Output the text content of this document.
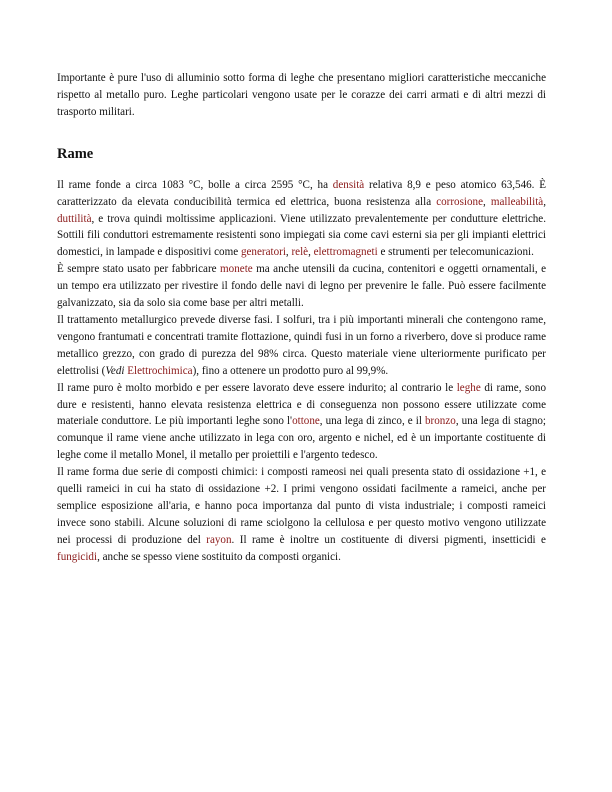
Importante è pure l'uso di alluminio sotto forma di leghe che presentano migliori caratteristiche meccaniche rispetto al metallo puro. Leghe particolari vengono usate per le corazze dei carri armati e di altri mezzi di trasporto militari.

Rame

Il rame fonde a circa 1083 °C, bolle a circa 2595 °C, ha densità relativa 8,9 e peso atomico 63,546. È caratterizzato da elevata conducibilità termica ed elettrica, buona resistenza alla corrosione, malleabilità, duttilità, e trova quindi moltissime applicazioni. Viene utilizzato prevalentemente per condutture elettriche. Sottili fili conduttori estremamente resistenti sono impiegati sia come cavi esterni sia per gli impianti elettrici domestici, in lampade e dispositivi come generatori, relè, elettromagneti e strumenti per telecomunicazioni.

È sempre stato usato per fabbricare monete ma anche utensili da cucina, contenitori e oggetti ornamentali, e un tempo era utilizzato per rivestire il fondo delle navi di legno per prevenire le falle. Può essere facilmente galvanizzato, sia da solo sia come base per altri metalli.

Il trattamento metallurgico prevede diverse fasi. I solfuri, tra i più importanti minerali che contengono rame, vengono frantumati e concentrati tramite flottazione, quindi fusi in un forno a riverbero, dove si produce rame metallico grezzo, con grado di purezza del 98% circa. Questo materiale viene ulteriormente purificato per elettrolisi (Vedi Elettrochimica), fino a ottenere un prodotto puro al 99,9%.

Il rame puro è molto morbido e per essere lavorato deve essere indurito; al contrario le leghe di rame, sono dure e resistenti, hanno elevata resistenza elettrica e di conseguenza non possono essere utilizzate come materiale conduttore. Le più importanti leghe sono l'ottone, una lega di zinco, e il bronzo, una lega di stagno; comunque il rame viene anche utilizzato in lega con oro, argento e nichel, ed è un importante costituente di leghe come il metallo Monel, il metallo per proiettili e l'argento tedesco.

Il rame forma due serie di composti chimici: i composti rameosi nei quali presenta stato di ossidazione +1, e quelli rameici in cui ha stato di ossidazione +2. I primi vengono ossidati facilmente a rameici, anche per semplice esposizione all'aria, e hanno poca importanza dal punto di vista industriale; i composti rameici invece sono stabili. Alcune soluzioni di rame sciolgono la cellulosa e per questo motivo vengono utilizzate nei processi di produzione del rayon. Il rame è inoltre un costituente di diversi pigmenti, insetticidi e fungicidi, anche se spesso viene sostituito da composti organici.
